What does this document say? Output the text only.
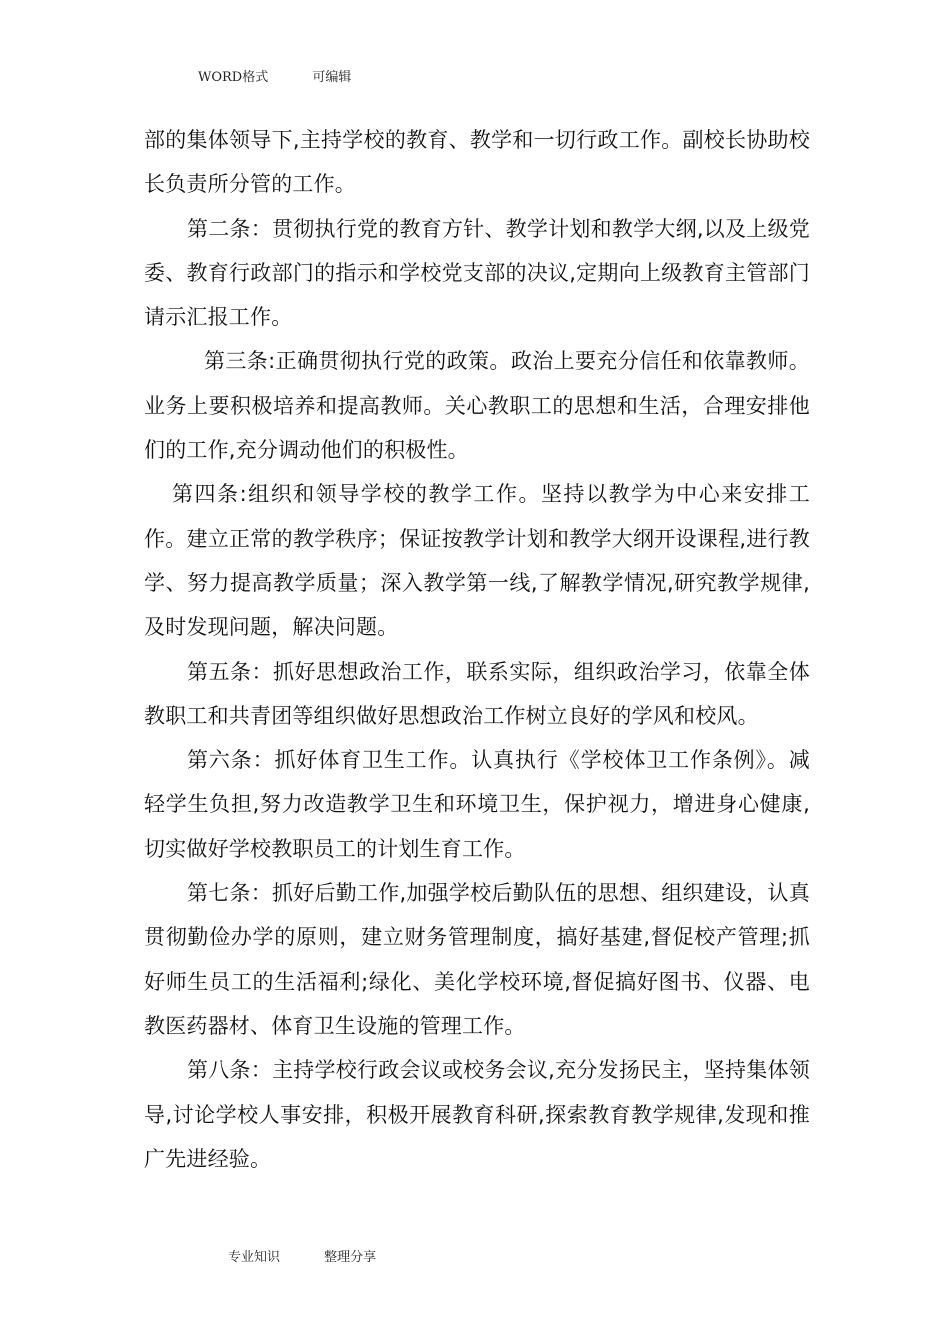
WORD格式	可编辑

部的集体领导下,主持学校的教育、教学和一切行政工作。副校长协助校长负责所分管的工作。

第二条：贯彻执行党的教育方针、教学计划和教学大纲,以及上级党委、教育行政部门的指示和学校党支部的决议,定期向上级教育主管部门请示汇报工作。

第三条:正确贯彻执行党的政策。政治上要充分信任和依靠教师。业务上要积极培养和提高教师。关心教职工的思想和生活，合理安排他们的工作,充分调动他们的积极性。

第四条:组织和领导学校的教学工作。坚持以教学为中心来安排工作。建立正常的教学秩序；保证按教学计划和教学大纲开设课程,进行教学、努力提高教学质量；深入教学第一线,了解教学情况,研究教学规律,及时发现问题，解决问题。

第五条：抓好思想政治工作，联系实际，组织政治学习，依靠全体教职工和共青团等组织做好思想政治工作树立良好的学风和校风。

第六条：抓好体育卫生工作。认真执行《学校体卫工作条例》。减轻学生负担,努力改造教学卫生和环境卫生，保护视力，增进身心健康,切实做好学校教职员工的计划生育工作。

第七条：抓好后勤工作,加强学校后勤队伍的思想、组织建设，认真贯彻勤俭办学的原则，建立财务管理制度，搞好基建,督促校产管理;抓好师生员工的生活福利;绿化、美化学校环境,督促搞好图书、仪器、电教医药器材、体育卫生设施的管理工作。

第八条：主持学校行政会议或校务会议,充分发扬民主，坚持集体领导,讨论学校人事安排，积极开展教育科研,探索教育教学规律,发现和推广先进经验。

专业知识	整理分享
